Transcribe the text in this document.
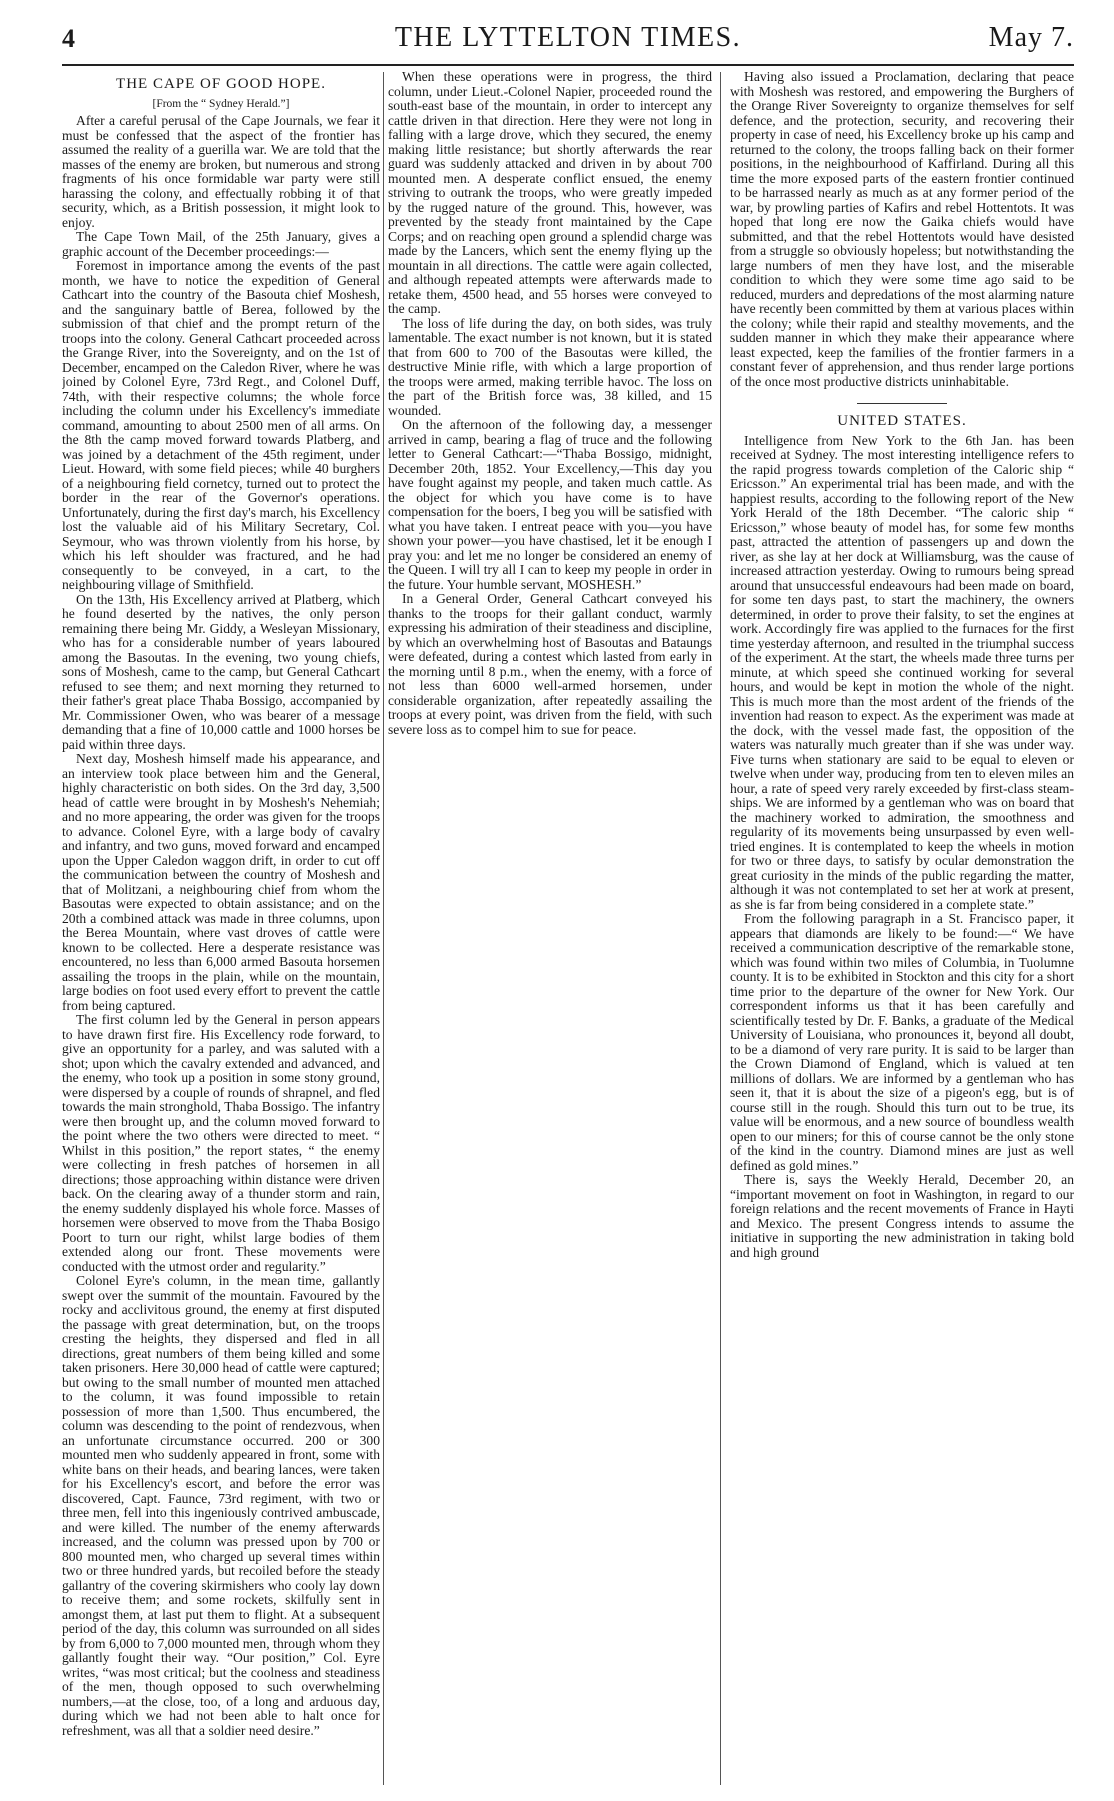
4	THE LYTTELTON TIMES.	May 7.
THE CAPE OF GOOD HOPE.
[From the “ Sydney Herald.”]

After a careful perusal of the Cape Journals, we fear it must be confessed that the aspect of the frontier has assumed the reality of a guerilla war. We are told that the masses of the enemy are broken, but numerous and strong fragments of his once formidable war party were still harassing the colony, and effectually robbing it of that security, which, as a British possession, it might look to enjoy.

The Cape Town Mail, of the 25th January, gives a graphic account of the December proceedings:—

Foremost in importance among the events of the past month, we have to notice the expedition of General Cathcart into the country of the Basouta chief Moshesh, and the sanguinary battle of Berea, followed by the submission of that chief and the prompt return of the troops into the colony. General Cathcart proceeded across the Grange River, into the Sovereignty, and on the 1st of December, encamped on the Caledon River, where he was joined by Colonel Eyre, 73rd Regt., and Colonel Duff, 74th, with their respective columns; the whole force including the column under his Excellency's immediate command, amounting to about 2500 men of all arms. On the 8th the camp moved forward towards Platberg, and was joined by a detachment of the 45th regiment, under Lieut. Howard, with some field pieces; while 40 burghers of a neighbouring field cornetcy, turned out to protect the border in the rear of the Governor's operations. Unfortunately, during the first day's march, his Excellency lost the valuable aid of his Military Secretary, Col. Seymour, who was thrown violently from his horse, by which his left shoulder was fractured, and he had consequently to be conveyed, in a cart, to the neighbouring village of Smithfield.

On the 13th, His Excellency arrived at Platberg, which he found deserted by the natives, the only person remaining there being Mr. Giddy, a Wesleyan Missionary, who has for a considerable number of years laboured among the Basoutas. In the evening, two young chiefs, sons of Moshesh, came to the camp, but General Cathcart refused to see them; and next morning they returned to their father's great place Thaba Bossigo, accompanied by Mr. Commissioner Owen, who was bearer of a message demanding that a fine of 10,000 cattle and 1000 horses be paid within three days.

Next day, Moshesh himself made his appearance, and an interview took place between him and the General, highly characteristic on both sides. On the 3rd day, 3,500 head of cattle were brought in by Moshesh's Nehemiah; and no more appearing, the order was given for the troops to advance. Colonel Eyre, with a large body of cavalry and infantry, and two guns, moved forward and encamped upon the Upper Caledon waggon drift, in order to cut off the communication between the country of Moshesh and that of Molitzani, a neighbouring chief from whom the Basoutas were expected to obtain assistance; and on the 20th a combined attack was made in three columns, upon the Berea Mountain, where vast droves of cattle were known to be collected. Here a desperate resistance was encountered, no less than 6,000 armed Basouta horsemen assailing the troops in the plain, while on the mountain, large bodies on foot used every effort to prevent the cattle from being captured.

The first column led by the General in person appears to have drawn first fire. His Excellency rode forward, to give an opportunity for a parley, and was saluted with a shot; upon which the cavalry extended and advanced, and the enemy, who took up a position in some stony ground, were dispersed by a couple of rounds of shrapnel, and fled towards the main stronghold, Thaba Bossigo. The infantry were then brought up, and the column moved forward to the point where the two others were directed to meet. “ Whilst in this position,” the report states, “ the enemy were collecting in fresh patches of horsemen in all directions; those approaching within distance were driven back. On the clearing away of a thunder storm and rain, the enemy suddenly displayed his whole force. Masses of horsemen were observed to move from the Thaba Bosigo Poort to turn our right, whilst large bodies of them extended along our front. These movements were conducted with the utmost order and regularity.”

Colonel Eyre's column, in the mean time, gallantly swept over the summit of the mountain. Favoured by the rocky and acclivitous ground, the enemy at first disputed the passage with great determination, but, on the troops cresting the heights, they dispersed and fled in all directions, great numbers of them being killed and some taken prisoners. Here 30,000 head of cattle were captured; but owing to the small number of mounted men attached to the column, it was found impossible to retain possession of more than 1,500. Thus encumbered, the column was descending to the point of rendezvous, when an unfortunate circumstance occurred. 200 or 300 mounted men who suddenly appeared in front, some with white bans on their heads, and bearing lances, were taken for his Excellency's escort, and before the error was discovered, Capt. Faunce, 73rd regiment, with two or three men, fell into this ingeniously contrived ambuscade, and were killed. The number of the enemy afterwards increased, and the column was pressed upon by 700 or 800 mounted men, who charged up several times within two or three hundred yards, but recoiled before the steady gallantry of the covering skirmishers who cooly lay down to receive them; and some rockets, skilfully sent in amongst them, at last put them to flight. At a subsequent period of the day, this column was surrounded on all sides by from 6,000 to 7,000 mounted men, through whom they gallantly fought their way. “Our position,” Col. Eyre writes, “was most critical; but the coolness and steadiness of the men, though opposed to such overwhelming numbers,—at the close, too, of a long and arduous day, during which we had not been able to halt once for refreshment, was all that a soldier need desire.”

When these operations were in progress, the third column, under Lieut.-Colonel Napier, proceeded round the south-east base of the mountain, in order to intercept any cattle driven in that direction. Here they were not long in falling with a large drove, which they secured, the enemy making little resistance; but shortly afterwards the rear guard was suddenly attacked and driven in by about 700 mounted men. A desperate conflict ensued, the enemy striving to outrank the troops, who were greatly impeded by the rugged nature of the ground. This, however, was prevented by the steady front maintained by the Cape Corps; and on reaching open ground a splendid charge was made by the Lancers, which sent the enemy flying up the mountain in all directions. The cattle were again collected, and although repeated attempts were afterwards made to retake them, 4500 head, and 55 horses were conveyed to the camp.

The loss of life during the day, on both sides, was truly lamentable. The exact number is not known, but it is stated that from 600 to 700 of the Basoutas were killed, the destructive Minie rifle, with which a large proportion of the troops were armed, making terrible havoc. The loss on the part of the British force was, 38 killed, and 15 wounded.

On the afternoon of the following day, a messenger arrived in camp, bearing a flag of truce and the following letter to General Cathcart:—“Thaba Bossigo, midnight, December 20th, 1852. Your Excellency,—This day you have fought against my people, and taken much cattle. As the object for which you have come is to have compensation for the boers, I beg you will be satisfied with what you have taken. I entreat peace with you—you have shown your power—you have chastised, let it be enough I pray you: and let me no longer be considered an enemy of the Queen. I will try all I can to keep my people in order in the future. Your humble servant, MOSHESH.”

In a General Order, General Cathcart conveyed his thanks to the troops for their gallant conduct, warmly expressing his admiration of their steadiness and discipline, by which an overwhelming host of Basoutas and Bataungs were defeated, during a contest which lasted from early in the morning until 8 p.m., when the enemy, with a force of not less than 6000 well-armed horsemen, under considerable organization, after repeatedly assailing the troops at every point, was driven from the field, with such severe loss as to compel him to sue for peace.

Having also issued a Proclamation, declaring that peace with Moshesh was restored, and empowering the Burghers of the Orange River Sovereignty to organize themselves for self defence, and the protection, security, and recovering their property in case of need, his Excellency broke up his camp and returned to the colony, the troops falling back on their former positions, in the neighbourhood of Kaffirland. During all this time the more exposed parts of the eastern frontier continued to be harrassed nearly as much as at any former period of the war, by prowling parties of Kafirs and rebel Hottentots. It was hoped that long ere now the Gaika chiefs would have submitted, and that the rebel Hottentots would have desisted from a struggle so obviously hopeless; but notwithstanding the large numbers of men they have lost, and the miserable condition to which they were some time ago said to be reduced, murders and depredations of the most alarming nature have recently been committed by them at various places within the colony; while their rapid and stealthy movements, and the sudden manner in which they make their appearance where least expected, keep the families of the frontier farmers in a constant fever of apprehension, and thus render large portions of the once most productive districts uninhabitable.

UNITED STATES.

Intelligence from New York to the 6th Jan. has been received at Sydney. The most interesting intelligence refers to the rapid progress towards completion of the Caloric ship “ Ericsson.” An experimental trial has been made, and with the happiest results, according to the following report of the New York Herald of the 18th December. “The caloric ship “ Ericsson,” whose beauty of model has, for some few months past, attracted the attention of passengers up and down the river, as she lay at her dock at Williamsburg, was the cause of increased attraction yesterday. Owing to rumours being spread around that unsuccessful endeavours had been made on board, for some ten days past, to start the machinery, the owners determined, in order to prove their falsity, to set the engines at work. Accordingly fire was applied to the furnaces for the first time yesterday afternoon, and resulted in the triumphal success of the experiment. At the start, the wheels made three turns per minute, at which speed she continued working for several hours, and would be kept in motion the whole of the night. This is much more than the most ardent of the friends of the invention had reason to expect. As the experiment was made at the dock, with the vessel made fast, the opposition of the waters was naturally much greater than if she was under way. Five turns when stationary are said to be equal to eleven or twelve when under way, producing from ten to eleven miles an hour, a rate of speed very rarely exceeded by first-class steam-ships. We are informed by a gentleman who was on board that the machinery worked to admiration, the smoothness and regularity of its movements being unsurpassed by even well-tried engines. It is contemplated to keep the wheels in motion for two or three days, to satisfy by ocular demonstration the great curiosity in the minds of the public regarding the matter, although it was not contemplated to set her at work at present, as she is far from being considered in a complete state.”

From the following paragraph in a St. Francisco paper, it appears that diamonds are likely to be found:—“ We have received a communication descriptive of the remarkable stone, which was found within two miles of Columbia, in Tuolumne county. It is to be exhibited in Stockton and this city for a short time prior to the departure of the owner for New York. Our correspondent informs us that it has been carefully and scientifically tested by Dr. F. Banks, a graduate of the Medical University of Louisiana, who pronounces it, beyond all doubt, to be a diamond of very rare purity. It is said to be larger than the Crown Diamond of England, which is valued at ten millions of dollars. We are informed by a gentleman who has seen it, that it is about the size of a pigeon's egg, but is of course still in the rough. Should this turn out to be true, its value will be enormous, and a new source of boundless wealth open to our miners; for this of course cannot be the only stone of the kind in the country. Diamond mines are just as well defined as gold mines.”

There is, says the Weekly Herald, December 20, an “important movement on foot in Washington, in regard to our foreign relations and the recent movements of France in Hayti and Mexico. The present Congress intends to assume the initiative in supporting the new administration in taking bold and high ground
